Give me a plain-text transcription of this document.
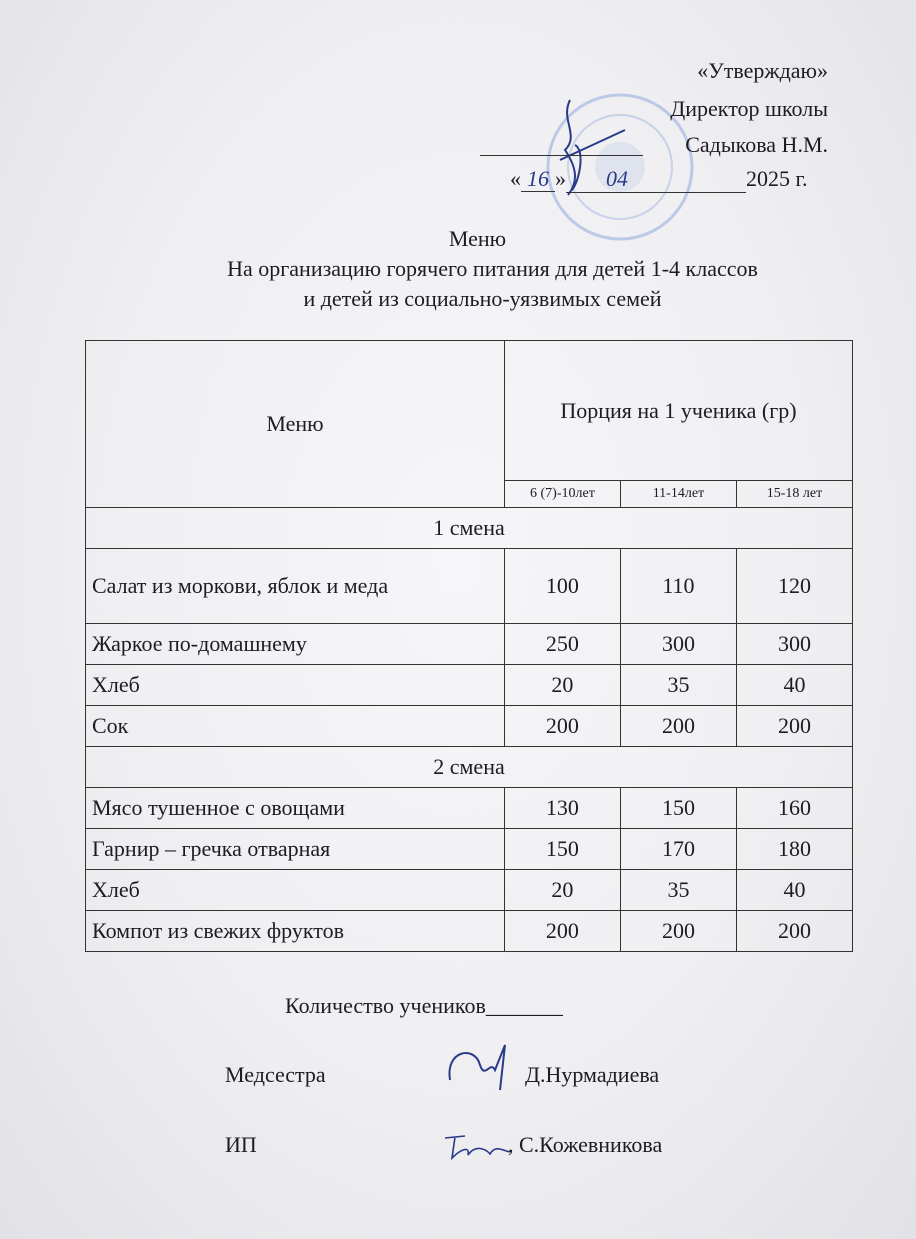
«Утверждаю»
Директор школы
Садыкова Н.М.
« 16 » 04	2025 г.
Меню
На организацию горячего питания для детей 1-4 классов
и детей из социально-уязвимых семей
Меню	Порция на 1 ученика (гр)		
	6 (7)-10лет	11-14лет	15-18 лет
1 смена			
Салат из моркови, яблок и меда	100	110	120
Жаркое по-домашнему	250	300	300
Хлеб	20	35	40
Сок	200	200	200
2 смена			
Мясо тушенное с овощами	130	150	160
Гарнир – гречка отварная	150	170	180
Хлеб	20	35	40
Компот из свежих фруктов	200	200	200
Количество учеников_______
Медсестра	Д.Нурмадиева
ИП	, С.Кожевникова
